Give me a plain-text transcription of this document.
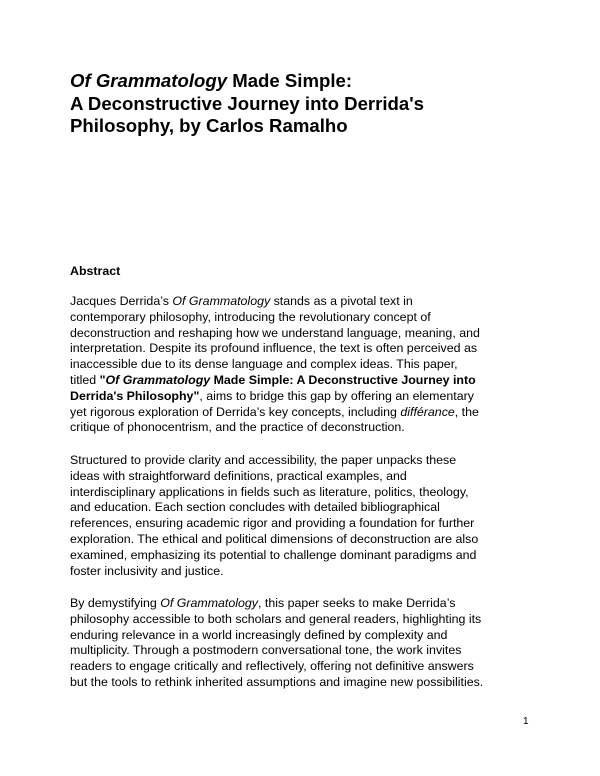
Of Grammatology Made Simple:
A Deconstructive Journey into Derrida's
Philosophy, by Carlos Ramalho
Abstract

Jacques Derrida’s Of Grammatology stands as a pivotal text in
contemporary philosophy, introducing the revolutionary concept of
deconstruction and reshaping how we understand language, meaning, and
interpretation. Despite its profound influence, the text is often perceived as
inaccessible due to its dense language and complex ideas. This paper,
titled "Of Grammatology Made Simple: A Deconstructive Journey into
Derrida's Philosophy", aims to bridge this gap by offering an elementary
yet rigorous exploration of Derrida’s key concepts, including différance, the
critique of phonocentrism, and the practice of deconstruction.

Structured to provide clarity and accessibility, the paper unpacks these
ideas with straightforward definitions, practical examples, and
interdisciplinary applications in fields such as literature, politics, theology,
and education. Each section concludes with detailed bibliographical
references, ensuring academic rigor and providing a foundation for further
exploration. The ethical and political dimensions of deconstruction are also
examined, emphasizing its potential to challenge dominant paradigms and
foster inclusivity and justice.

By demystifying Of Grammatology, this paper seeks to make Derrida’s
philosophy accessible to both scholars and general readers, highlighting its
enduring relevance in a world increasingly defined by complexity and
multiplicity. Through a postmodern conversational tone, the work invites
readers to engage critically and reflectively, offering not definitive answers
but the tools to rethink inherited assumptions and imagine new possibilities.

1
